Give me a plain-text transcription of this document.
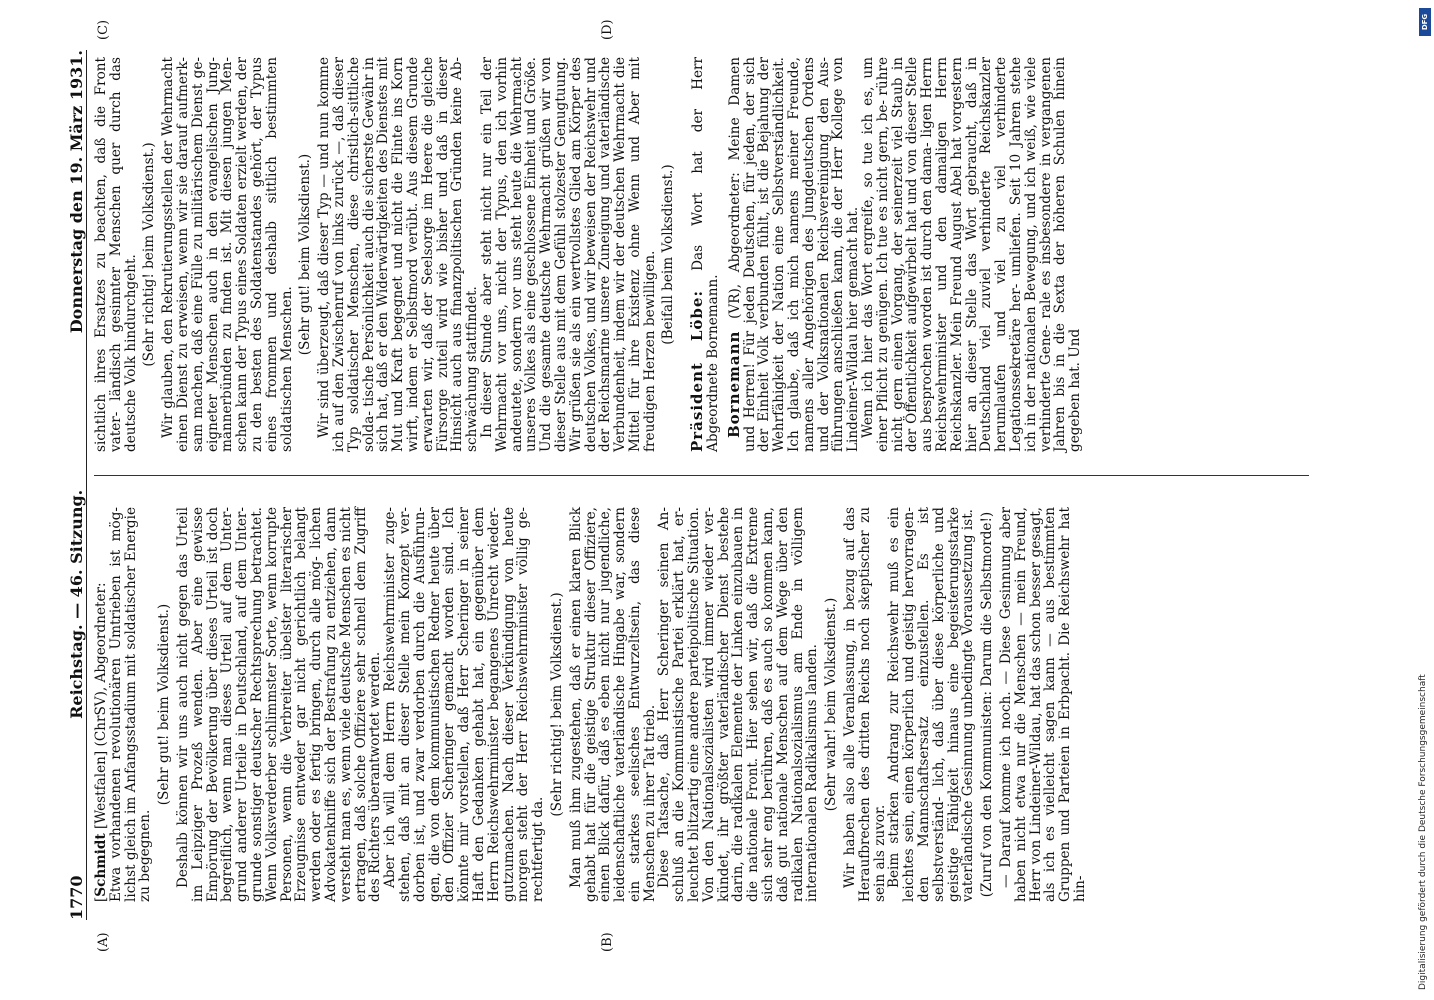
1770
Reichstag. — 46. Sitzung.
Donnerstag den 19. März 1931.
(A)	(B)
(C)	(D)

[Schmidt [Westfalen] (ChrSV), Abgeordneter:

Etwa vorhandenen revolutionären Umtrieben ist mög- lichst gleich im Anfangsstadium mit soldatischer Energie zu begegnen.

(Sehr gut! beim Volksdienst.) Deshalb können wir uns auch nicht gegen das Urteil im Leipziger Prozeß wenden. Aber eine gewisse Empörung der Bevölkerung über dieses Urteil ist doch begreiflich, wenn man dieses Urteil auf dem Unter- grund anderer Urteile in Deutschland, auf dem Unter- grunde sonstiger deutscher Rechtsprechung betrachtet. Wenn Volksverderber schlimmster Sorte, wenn korrupte Personen, wenn die Verbreiter übelster literarischer Erzeugnisse entweder gar nicht gerichtlich belangt werden oder es fertig bringen, durch alle mög- lichen Advokatenkniffe sich der Bestrafung zu entziehen, dann versteht man es, wenn viele deutsche Menschen es nicht ertragen, daß solche Offiziere sehr schnell dem Zugriff des Richters überantwortet werden.

Aber ich will dem Herrn Reichswehrminister zuge- stehen, daß mit an dieser Stelle mein Konzept ver- dorben ist, und zwar verdorben durch die Ausführun- gen, die von dem kommunistischen Redner heute über den Offizier Scheringer gemacht worden sind. Ich könnte mir vorstellen, daß Herr Scheringer in seiner Haft den Gedanken gehabt hat, ein gegenüber dem Herrn Reichswehrminister begangenes Unrecht wieder- gutzumachen. Nach dieser Verkündigung von heute morgen steht der Herr Reichswehrminister völlig ge- rechtfertigt da.

(Sehr richtig! beim Volksdienst.) Man muß ihm zugestehen, daß er einen klaren Blick gehabt hat für die geistige Struktur dieser Offiziere, einen Blick dafür, daß es eben nicht nur jugendliche, leidenschaftliche vaterländische Hingabe war, sondern ein starkes seelisches Entwurzeltsein, das diese Menschen zu ihrer Tat trieb.

Diese Tatsache, daß Herr Scheringer seinen An- schluß an die Kommunistische Partei erklärt hat, er- leuchtet blitzartig eine andere parteipolitische Situation. Von den Nationalsozialisten wird immer wieder ver- kündet, ihr größter vaterländischer Dienst bestehe darin, die radikalen Elemente der Linken einzubauen in die nationale Front. Hier sehen wir, daß die Extreme sich sehr eng berühren, daß es auch so kommen kann, daß gut nationale Menschen auf dem Wege über den radikalen Nationalsozialismus am Ende in völligem internationalen Radikalismus landen. (Sehr wahr! beim Volksdienst.) Wir haben also alle Veranlassung, in bezug auf das Heraufbrechen des dritten Reichs noch skeptischer zu sein als zuvor.

Beim starken Andrang zur Reichswehr muß es ein leichtes sein, einen körperlich und geistig hervorragen- den Mannschaftsersatz einzustellen. Es ist selbstverständ- lich, daß über diese körperliche und geistige Fähigkeit hinaus eine begeisterungsstarke vaterländische Gesinnung unbedingte Voraussetzung ist. (Zuruf von den Kommunisten: Darum die Selbstmorde!) — Darauf komme ich noch. — Diese Gesinnung aber haben nicht etwa nur die Menschen — mein Freund, Herr von Lindeiner-Wildau, hat das schon besser gesagt, als ich es vielleicht sagen kann — aus bestimmten Gruppen und Parteien in Erbpacht. Die Reichswehr hat hin-

sichtlich ihres Ersatzes zu beachten, daß die Front vater- ländisch gesinnter Menschen quer durch das deutsche Volk hindurchgeht. (Sehr richtig! beim Volksdienst.) Wir glauben, den Rekrutierungsstellen der Wehrmacht einen Dienst zu erweisen, wenn wir sie darauf aufmerk- sam machen, daß eine Fülle zu militärischem Dienst ge- eigneter Menschen auch in den evangelischen Jung- männerbünden zu finden ist. Mit diesen jungen Men- schen kann der Typus eines Soldaten erzielt werden, der zu den besten des Soldatenstandes gehört, der Typus eines frommen und deshalb sittlich bestimmten soldatischen Menschen.

(Sehr gut! beim Volksdienst.) Wir sind überzeugt, daß dieser Typ — und nun komme ich auf den Zwischenruf von links zurück —, daß dieser Typ soldatischer Menschen, diese christlich-sittliche solda- tische Persönlichkeit auch die sicherste Gewähr in sich hat, daß er den Widerwärtigkeiten des Dienstes mit Mut und Kraft begegnet und nicht die Flinte ins Korn wirft, indem er Selbstmord verübt. Aus diesem Grunde erwarten wir, daß der Seelsorge im Heere die gleiche Fürsorge zuteil wird wie bisher und daß in dieser Hinsicht auch aus finanzpolitischen Gründen keine Ab- schwächung stattfindet.

In dieser Stunde aber steht nicht nur ein Teil der Wehrmacht vor uns, nicht der Typus, den ich vorhin andeutete, sondern vor uns steht heute die Wehrmacht unseres Volkes als eine geschlossene Einheit und Größe. Und die gesamte deutsche Wehrmacht grüßen wir von dieser Stelle aus mit dem Gefühl stolzester Genugtuung. Wir grüßen sie als ein wertvollstes Glied am Körper des deutschen Volkes, und wir beweisen der Reichswehr und der Reichsmarine unsere Zuneigung und vaterländische Verbundenheit, indem wir der deutschen Wehrmacht die Mittel für ihre Existenz ohne Wenn und Aber mit freudigen Herzen bewilligen. (Beifall beim Volksdienst.)

Präsident Löbe: Das Wort hat der Herr Abgeordnete Bornemann. Bornemann (VR), Abgeordneter: Meine Damen und Herren! Für jeden Deutschen, für jeden, der sich der Einheit Volk verbunden fühlt, ist die Bejahung der Wehrfähigkeit der Nation eine Selbstverständlichkeit. Ich glaube, daß ich mich namens meiner Freunde, namens aller Angehörigen des Jungdeutschen Ordens und der Volksnationalen Reichsvereinigung den Aus- führungen anschließen kann, die der Herr Kollege von Lindeiner-Wildau hier gemacht hat.

Wenn ich hier das Wort ergreife, so tue ich es, um einer Pflicht zu genügen. Ich tue es nicht gern, be- rühre nicht gern einen Vorgang, der seinerzeit viel Staub in der Öffentlichkeit aufgewirbelt hat und von dieser Stelle aus besprochen worden ist durch den dama- ligen Herrn Reichswehrminister und den damaligen Herrn Reichskanzler. Mein Freund August Abel hat vorgestern hier an dieser Stelle das Wort gebraucht, daß in Deutschland viel zuviel verhinderte Reichskanzler herumlaufen und viel zu viel verhinderte Legationssekretäre her- umliefen. Seit 10 Jahren stehe ich in der nationalen Bewegung, und ich weiß, wie viele verhinderte Gene- rale es insbesondere in vergangenen Jahren bis in die Sexta der höheren Schulen hinein gegeben hat. Und

DFG
Digitalisierung gefördert durch die Deutsche Forschungsgemeinschaft
